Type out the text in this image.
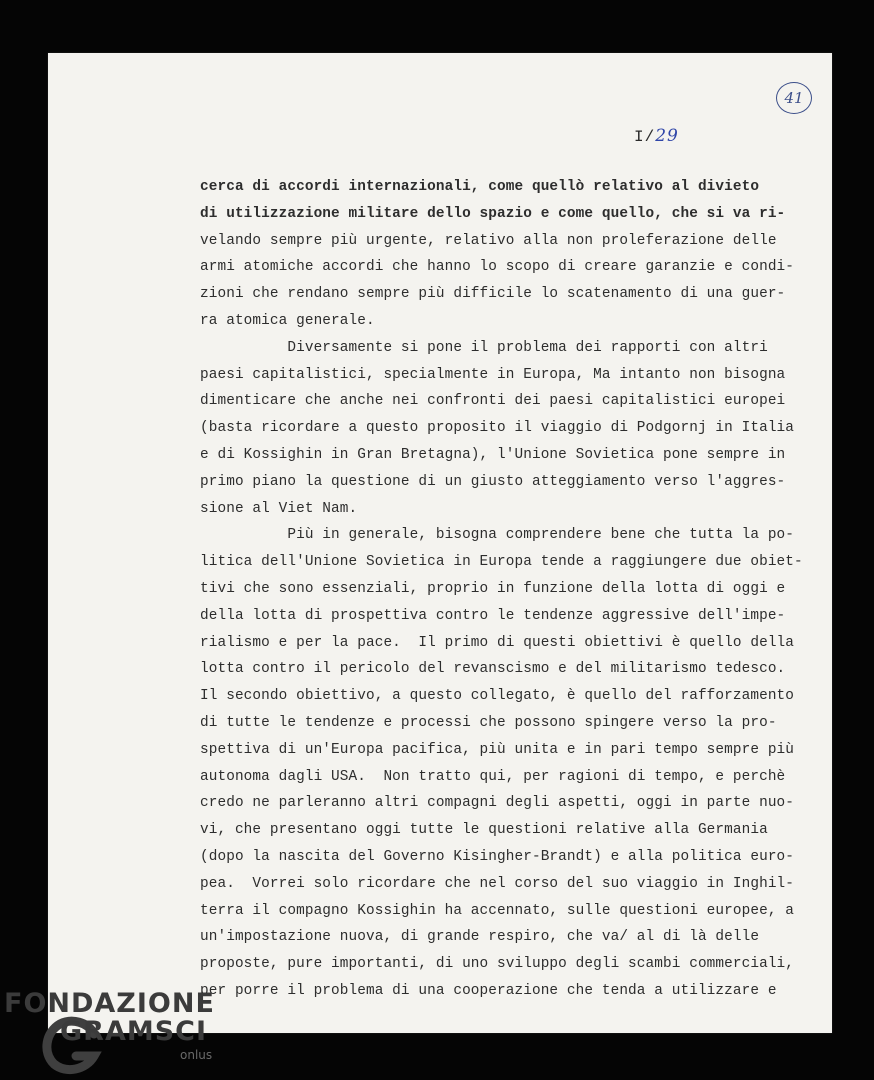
41
I/29
cerca di accordi internazionali, come quellò relativo al divieto
di utilizzazione militare dello spazio e come quello, che si va ri-
velando sempre più urgente, relativo alla non proleferazione delle
armi atomiche accordi che hanno lo scopo di creare garanzie e condi-
zioni che rendano sempre più difficile lo scatenamento di una guer-
ra atomica generale.
Diversamente si pone il problema dei rapporti con altri
paesi capitalistici, specialmente in Europa, Ma intanto non bisogna
dimenticare che anche nei confronti dei paesi capitalistici europei
(basta ricordare a questo proposito il viaggio di Podgornj in Italia
e di Kossighin in Gran Bretagna), l'Unione Sovietica pone sempre in
primo piano la questione di un giusto atteggiamento verso l'aggres-
sione al Viet Nam.
Più in generale, bisogna comprendere bene che tutta la po-
litica dell'Unione Sovietica in Europa tende a raggiungere due obiet-
tivi che sono essenziali, proprio in funzione della lotta di oggi e
della lotta di prospettiva contro le tendenze aggressive dell'impe-
rialismo e per la pace.  Il primo di questi obiettivi è quello della
lotta contro il pericolo del revanscismo e del militarismo tedesco.
Il secondo obiettivo, a questo collegato, è quello del rafforzamento
di tutte le tendenze e processi che possono spingere verso la pro-
spettiva di un'Europa pacifica, più unita e in pari tempo sempre più
autonoma dagli USA.  Non tratto qui, per ragioni di tempo, e perchè
credo ne parleranno altri compagni degli aspetti, oggi in parte nuo-
vi, che presentano oggi tutte le questioni relative alla Germania
(dopo la nascita del Governo Kisingher-Brandt) e alla politica euro-
pea.  Vorrei solo ricordare che nel corso del suo viaggio in Inghil-
terra il compagno Kossighin ha accennato, sulle questioni europee, a
un'impostazione nuova, di grande respiro, che va/ al di là delle
proposte, pure importanti, di uno sviluppo degli scambi commerciali,
per porre il problema di una cooperazione che tenda a utilizzare e
FONDAZIONE
GRAMSCI
onlus
